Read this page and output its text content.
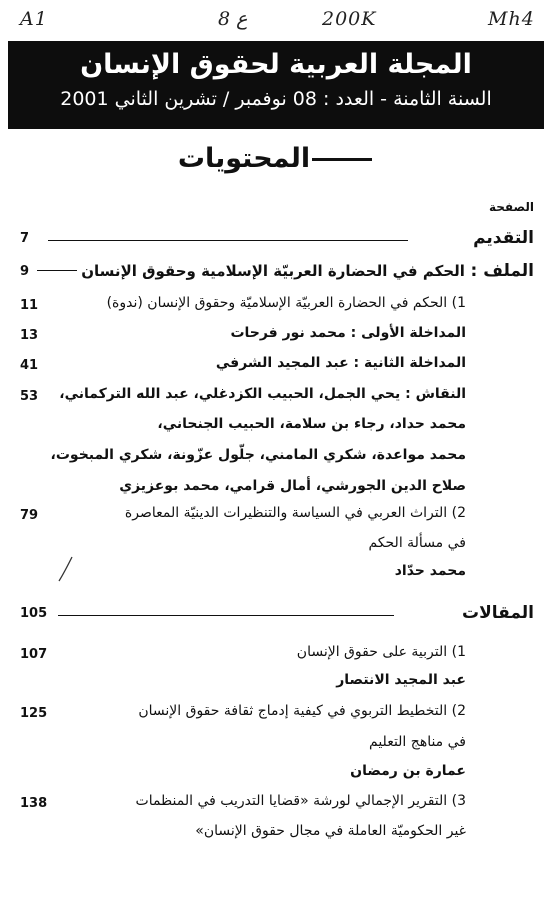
A1	8 ع	200K	Mh4
المجلة العربية لحقوق الإنسان
السنة الثامنة - العدد : 08 نوفمبر / تشرين الثاني 2001
المحتويات
الصفحة
7	التقديم
9	الملف : الحكم في الحضارة العربيّة الإسلامية وحقوق الإنسان
11	1) الحكم في الحضارة العربيّة الإسلاميّة وحقوق الإنسان (ندوة)
13	المداخلة الأولى : محمد نور فرحات
41	المداخلة الثانية : عبد المجيد الشرفي
53 النقاش : يحي الجمل، الحبيب الكزدغلي، عبد الله التركماني،
محمد حداد، رجاء بن سلامة، الحبيب الجنحاني،
محمد مواعدة، شكري المامني، جلّول عزّونة، شكري المبخوت،
صلاح الدين الجورشي، أمال قرامي، محمد بوعزيزي
79	2) التراث العربي في السياسة والتنظيرات الدينيّة المعاصرة
في مسألة الحكم
محمد حدّاد
105	المقالات
107	1) التربية على حقوق الإنسان
عبد المجيد الانتصار
125	2) التخطيط التربوي في كيفية إدماج ثقافة حقوق الإنسان
في مناهج التعليم
عمارة بن رمضان
138	3) التقرير الإجمالي لورشة «قضايا التدريب في المنظمات
غير الحكوميّة العاملة في مجال حقوق الإنسان»
